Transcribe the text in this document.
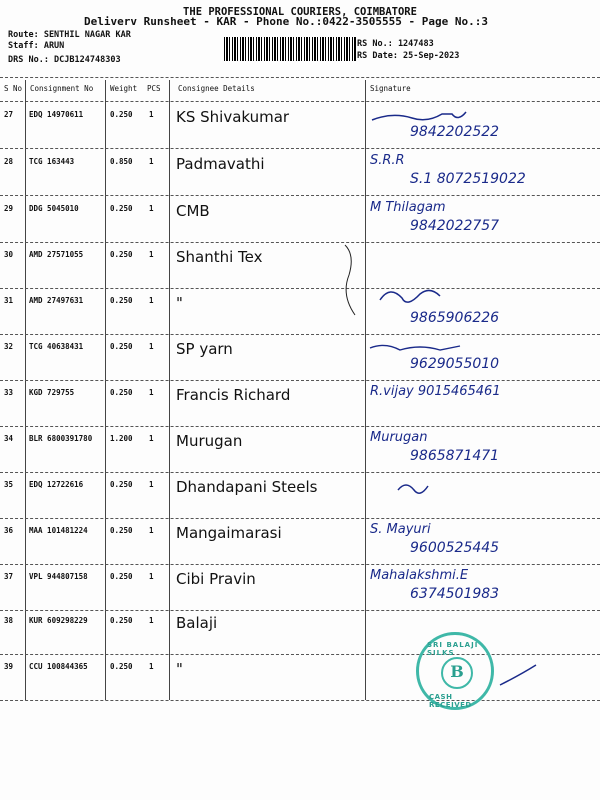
THE PROFESSIONAL COURIERS, COIMBATORE
Deliverv Runsheet - KAR - Phone No.:0422-3505555 - Page No.:3
Route: SENTHIL NAGAR KAR
Staff: ARUN
DRS No.: DCJB124748303
RS No.: 1247483
RS Date: 25-Sep-2023
S No Consignment No Weight PCS Consignee Details	Signature
27 EDQ 14970611	0.250 1 KS Shivakumar
9842202522
28 TCG 163443	0.850 1 Padmavathi	S.R.R
S.1 8072519022
29 DDG 5045010	0.250 1 CMB	M Thilagam
9842022757
30 AMD 27571055	0.250 1 Shanthi Tex
31 AMD 27497631	0.250 1 "
9865906226
32 TCG 40638431	0.250 1 SP yarn
9629055010
33 KGD 729755	0.250 1 Francis Richard	R.vijay 9015465461
34 BLR 6800391780 1.200 1 Murugan	Murugan
9865871471
35 EDQ 12722616	0.250 1 Dhandapani Steels
36 MAA 101481224	0.250 1 Mangaimarasi	S. Mayuri
9600525445
37 VPL 944807158	0.250 1 Cibi Pravin	Mahalakshmi.E
6374501983
38 KUR 609298229	0.250 1 Balaji
39 CCU 100844365	0.250 1 "
SRI BALAJI SILKS
B
CASH RECEIVED
